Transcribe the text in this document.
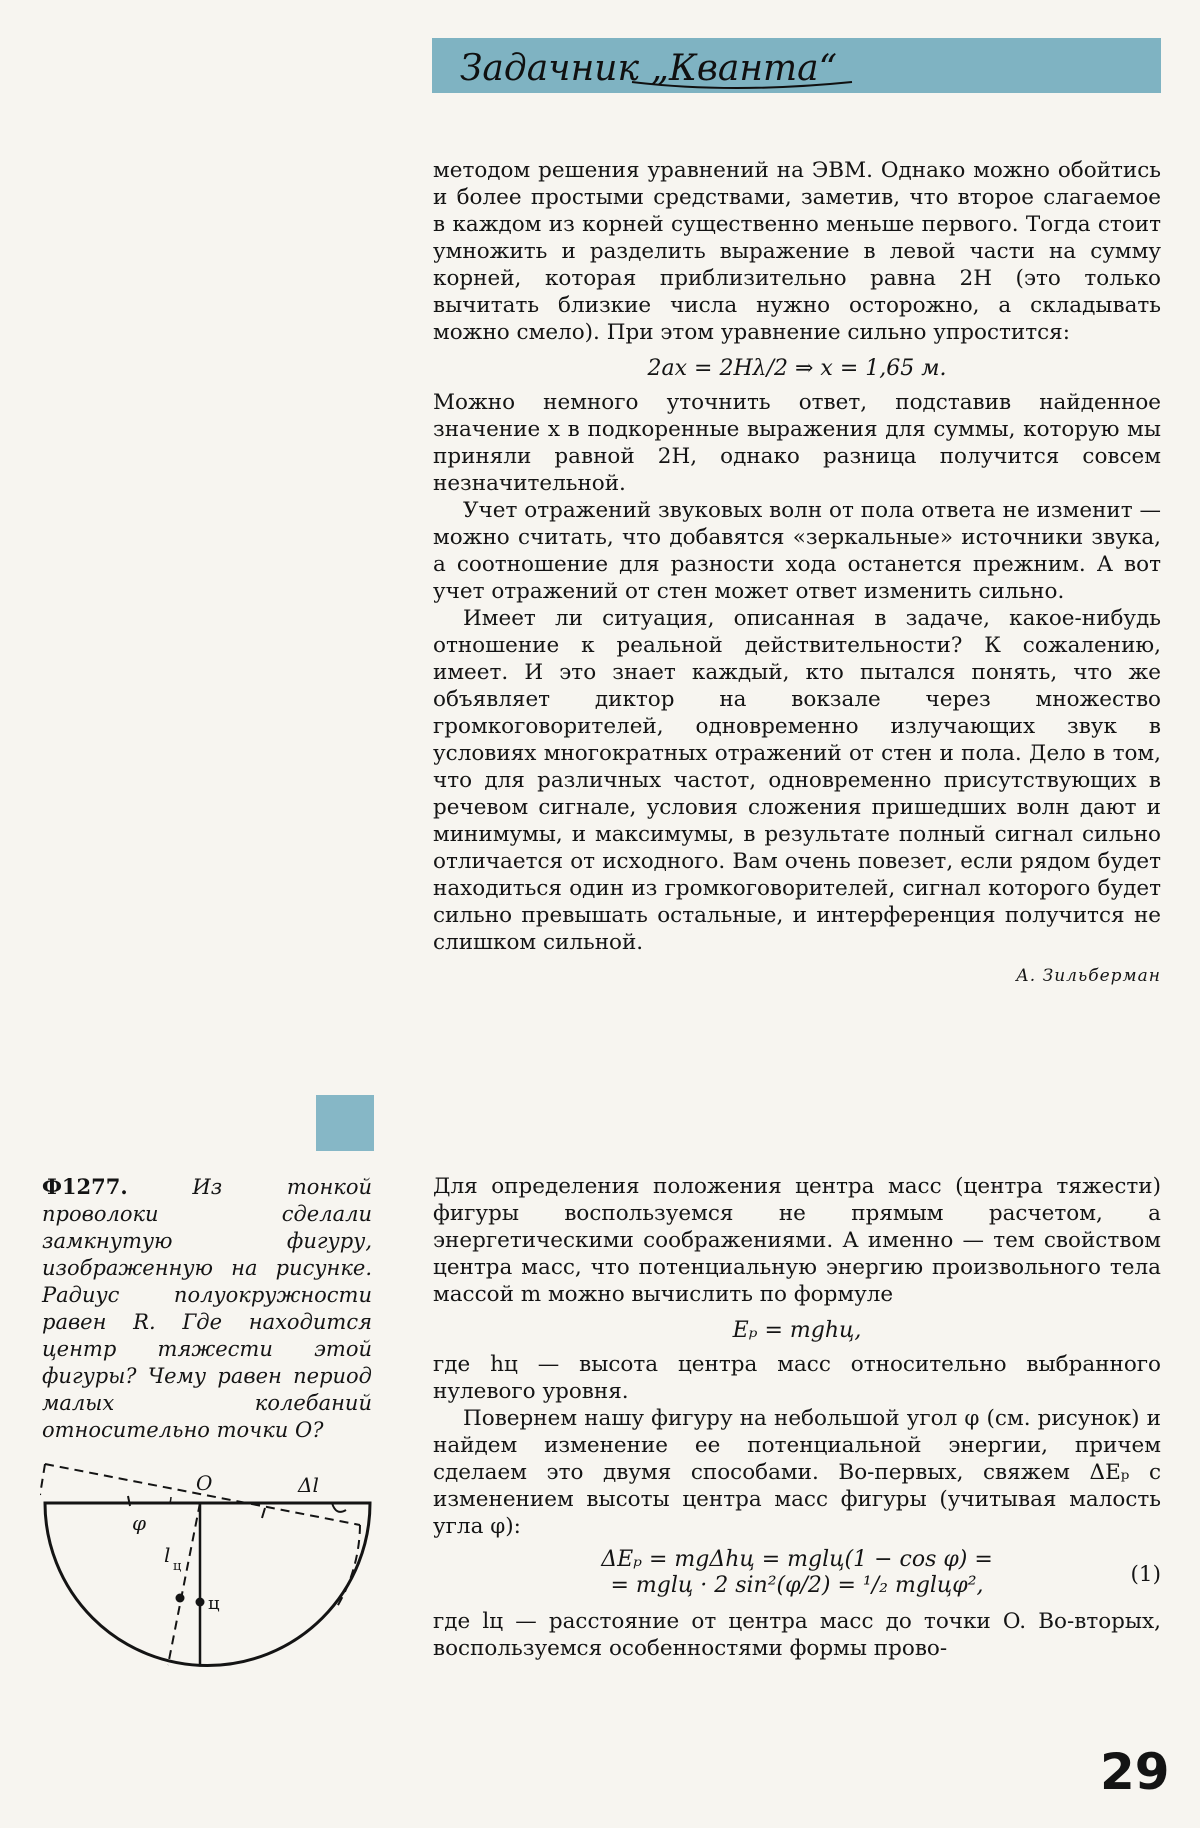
Задачник „Кванта“

методом решения уравнений на ЭВМ. Однако можно обойтись и более простыми средствами, заметив, что второе слагаемое в каждом из корней существенно меньше первого. Тогда стоит умножить и разделить выражение в левой части на сумму корней, которая приблизительно равна 2H (это только вычитать близкие числа нужно осторожно, а складывать можно смело). При этом уравнение сильно упростится:

2ax = 2Hλ/2 ⇒ x = 1,65 м.

Можно немного уточнить ответ, подставив найденное значение x в подкоренные выражения для суммы, которую мы приняли равной 2H, однако разница получится совсем незначительной.

Учет отражений звуковых волн от пола ответа не изменит — можно считать, что добавятся «зеркальные» источники звука, а соотношение для разности хода останется прежним. А вот учет отражений от стен может ответ изменить сильно.

Имеет ли ситуация, описанная в задаче, какое-нибудь отношение к реальной действительности? К сожалению, имеет. И это знает каждый, кто пытался понять, что же объявляет диктор на вокзале через множество громкоговорителей, одновременно излучающих звук в условиях многократных отражений от стен и пола. Дело в том, что для различных частот, одновременно присутствующих в речевом сигнале, условия сложения пришедших волн дают и минимумы, и максимумы, в результате полный сигнал сильно отличается от исходного. Вам очень повезет, если рядом будет находиться один из громкоговорителей, сигнал которого будет сильно превышать остальные, и интерференция получится не слишком сильной.

А. Зильберман
Ф1277.	Из тонкой проволоки сделали замкнутую фигуру, изображенную на рисунке. Радиус полуокружности равен R. Где находится центр тяжести этой фигуры? Чему равен период малых колебаний относительно точки O?
O	Δl
φ
l ц
ц

Для определения положения центра масс (центра тяжести) фигуры воспользуемся не прямым расчетом, а энергетическими соображениями. А именно — тем свойством центра масс, что потенциальную энергию произвольного тела массой m можно вычислить по формуле

Eₚ = mghц,

где hц — высота центра масс относительно выбранного нулевого уровня.

Повернем нашу фигуру на небольшой угол φ (см. рисунок) и найдем изменение ее потенциальной энергии, причем сделаем это двумя способами. Во-первых, свяжем ΔEₚ с изменением высоты центра масс фигуры (учитывая малость угла φ):

ΔEₚ = mgΔhц = mglц(1 − cos φ) =
= mglц · 2 sin²(φ/2) = ¹/₂ mglцφ²,	(1)

где lц — расстояние от центра масс до точки O. Во-вторых, воспользуемся особенностями формы прово-

29
